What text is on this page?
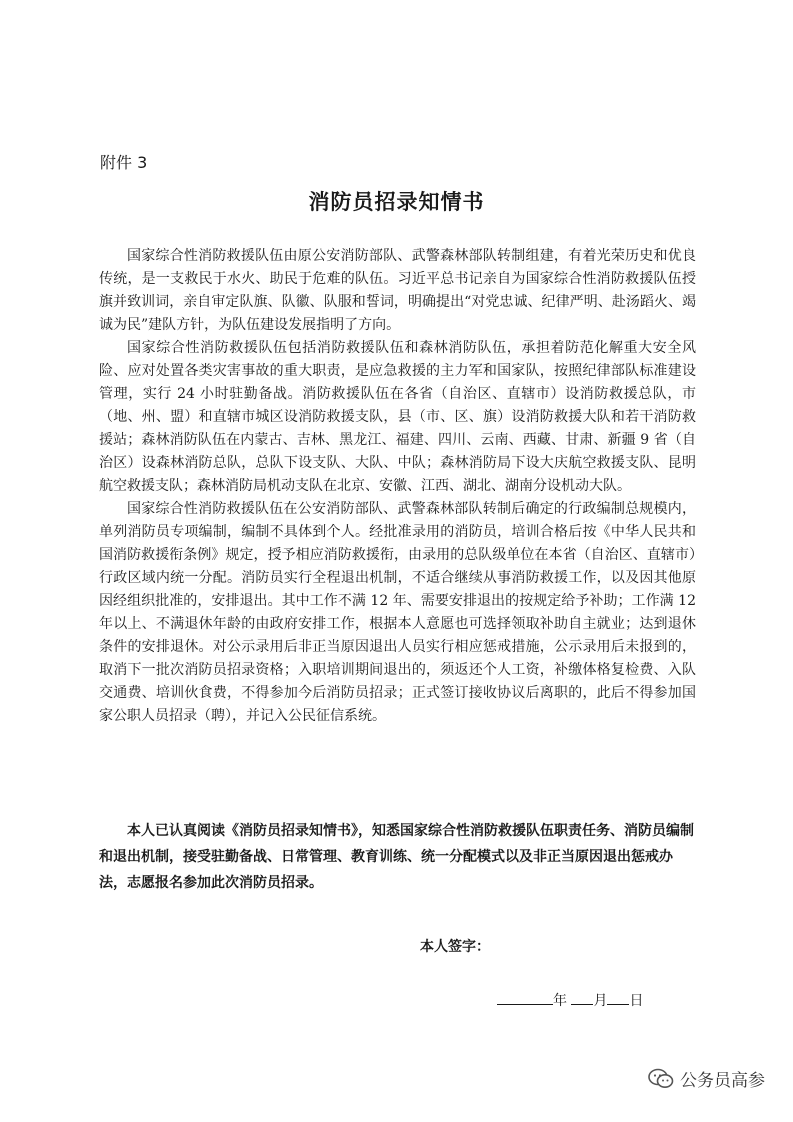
附件 3
消防员招录知情书

国家综合性消防救援队伍由原公安消防部队、武警森林部队转制组建，有着光荣历史和优良传统，是一支救民于水火、助民于危难的队伍。习近平总书记亲自为国家综合性消防救援队伍授旗并致训词，亲自审定队旗、队徽、队服和誓词，明确提出“对党忠诚、纪律严明、赴汤蹈火、竭诚为民”建队方针，为队伍建设发展指明了方向。

国家综合性消防救援队伍包括消防救援队伍和森林消防队伍，承担着防范化解重大安全风险、应对处置各类灾害事故的重大职责，是应急救援的主力军和国家队，按照纪律部队标准建设管理，实行 24 小时驻勤备战。消防救援队伍在各省（自治区、直辖市）设消防救援总队，市（地、州、盟）和直辖市城区设消防救援支队，县（市、区、旗）设消防救援大队和若干消防救援站；森林消防队伍在内蒙古、吉林、黑龙江、福建、四川、云南、西藏、甘肃、新疆 9 省（自治区）设森林消防总队，总队下设支队、大队、中队；森林消防局下设大庆航空救援支队、昆明航空救援支队；森林消防局机动支队在北京、安徽、江西、湖北、湖南分设机动大队。

国家综合性消防救援队伍在公安消防部队、武警森林部队转制后确定的行政编制总规模内，单列消防员专项编制，编制不具体到个人。经批准录用的消防员，培训合格后按《中华人民共和国消防救援衔条例》规定，授予相应消防救援衔，由录用的总队级单位在本省（自治区、直辖市）行政区域内统一分配。消防员实行全程退出机制，不适合继续从事消防救援工作，以及因其他原因经组织批准的，安排退出。其中工作不满 12 年、需要安排退出的按规定给予补助；工作满 12 年以上、不满退休年龄的由政府安排工作，根据本人意愿也可选择领取补助自主就业；达到退休条件的安排退休。对公示录用后非正当原因退出人员实行相应惩戒措施，公示录用后未报到的，取消下一批次消防员招录资格；入职培训期间退出的，须返还个人工资，补缴体格复检费、入队交通费、培训伙食费，不得参加今后消防员招录；正式签订接收协议后离职的，此后不得参加国家公职人员招录（聘），并记入公民征信系统。

本人已认真阅读《消防员招录知情书》，知悉国家综合性消防救援队伍职责任务、消防员编制和退出机制，接受驻勤备战、日常管理、教育训练、统一分配模式以及非正当原因退出惩戒办法，志愿报名参加此次消防员招录。

本人签字：
年 月 日
公务员高参
